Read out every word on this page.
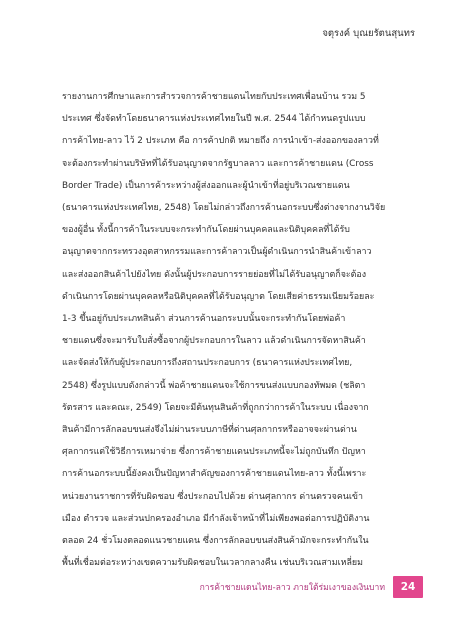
จตุรงค์ บุณยรัตนสุนทร
รายงานการศึกษาและการสำรวจการค้าชายแดนไทยกับประเทศเพื่อนบ้าน รวม 5
ประเทศ ซึ่งจัดทำโดยธนาคารแห่งประเทศไทยในปี พ.ศ. 2544 ได้กำหนดรูปแบบ
การค้าไทย-ลาว ไว้ 2 ประเภท คือ การค้าปกติ หมายถึง การนำเข้า-ส่งออกของลาวที่
จะต้องกระทำผ่านบริษัทที่ได้รับอนุญาตจากรัฐบาลลาว และการค้าชายแดน (Cross
Border Trade) เป็นการค้าระหว่างผู้ส่งออกและผู้นำเข้าที่อยู่บริเวณชายแดน
(ธนาคารแห่งประเทศไทย, 2548) โดยไม่กล่าวถึงการค้านอกระบบซึ่งต่างจากงานวิจัย
ของผู้อื่น ทั้งนี้การค้าในระบบจะกระทำกันโดยผ่านบุคคลและนิติบุคคลที่ได้รับ
อนุญาตจากกระทรวงอุตสาหกรรมและการค้าลาวเป็นผู้ดำเนินการนำสินค้าเข้าลาว
และส่งออกสินค้าไปยังไทย ดังนั้นผู้ประกอบการรายย่อยที่ไม่ได้รับอนุญาตก็จะต้อง
ดำเนินการโดยผ่านบุคคลหรือนิติบุคคลที่ได้รับอนุญาต โดยเสียค่าธรรมเนียมร้อยละ
1-3 ขึ้นอยู่กับประเภทสินค้า ส่วนการค้านอกระบบนั้นจะกระทำกันโดยพ่อค้า
ชายแดนซึ่งจะมารับใบสั่งซื้อจากผู้ประกอบการในลาว แล้วดำเนินการจัดหาสินค้า
และจัดส่งให้กับผู้ประกอบการถึงสถานประกอบการ (ธนาคารแห่งประเทศไทย,
2548) ซึ่งรูปแบบดังกล่าวนี้ พ่อค้าชายแดนจะใช้การขนส่งแบบกองทัพมด (ชลิตา
รัตรสาร และคณะ, 2549) โดยจะมีต้นทุนสินค้าที่ถูกกว่าการค้าในระบบ เนื่องจาก
สินค้ามีการลักลอบขนส่งจึงไม่ผ่านระบบภาษีที่ด่านศุลกากรหรืออาจจะผ่านด่าน
ศุลกากรแต่ใช้วิธีการเหมาจ่าย ซึ่งการค้าชายแดนประเภทนี้จะไม่ถูกบันทึก ปัญหา
การค้านอกระบบนี้ยังคงเป็นปัญหาสำคัญของการค้าชายแดนไทย-ลาว ทั้งนี้เพราะ
หน่วยงานราชการที่รับผิดชอบ ซึ่งประกอบไปด้วย ด่านศุลกากร ด่านตรวจคนเข้า
เมือง ตำรวจ และส่วนปกครองอำเภอ มีกำลังเจ้าหน้าที่ไม่เพียงพอต่อการปฏิบัติงาน
ตลอด 24 ชั่วโมงตลอดแนวชายแดน ซึ่งการลักลอบขนส่งสินค้ามักจะกระทำกันใน
พื้นที่เชื่อมต่อระหว่างเขตความรับผิดชอบในเวลากลางคืน เช่นบริเวณสามเหลี่ยม
การค้าชายแดนไทย-ลาว ภายใต้ร่มเงาของเงินบาท	24
